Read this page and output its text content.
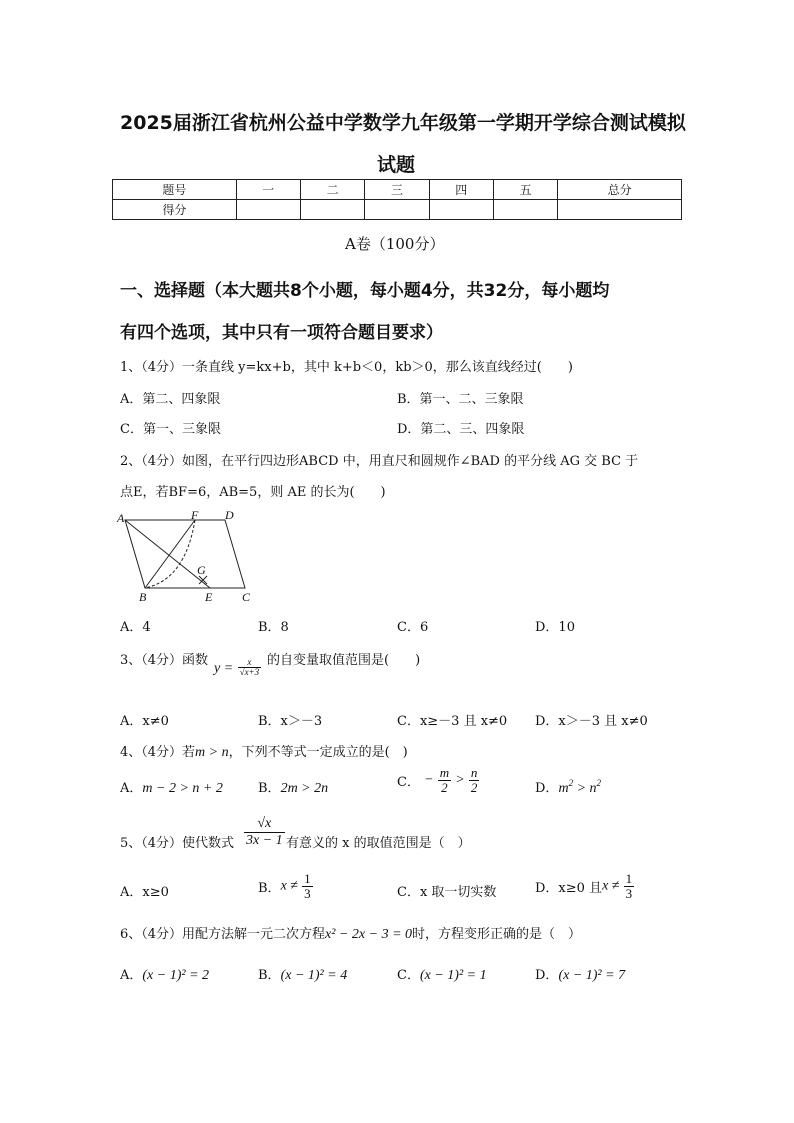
2025届浙江省杭州公益中学数学九年级第一学期开学综合测试模拟
试题
题号	一	二	三	四	五	总分
得分						
A卷（100分）
一、选择题（本大题共8个小题，每小题4分，共32分，每小题均
有四个选项，其中只有一项符合题目要求）
1、（4分）一条直线 y=kx+b，其中 k+b＜0，kb＞0，那么该直线经过(　　)
A．第二、四象限	B．第一、二、三象限
C．第一、三象限	D．第二、三、四象限
2、（4分）如图，在平行四边形ABCD 中，用直尺和圆规作∠BAD 的平分线 AG 交 BC 于
点E，若BF=6，AB=5，则 AE 的长为(　　)
A	F D
G
B	E C
A．4	B．8	C．6	D．10
3、（4分）函数
$y = \frac{x}{√x+3}$ 的自变量取值范围是(　　)
A．x≠0	B．x＞－3	C．x≥－3 且 x≠0 D．x＞－3 且 x≠0
4、（4分）若m > n，下列不等式一定成立的是(　)
A．m − 2 > n + 2	B．2m > 2n	C． − $\frac{m}{2} > \frac{n}{2}$	D．$m^2 > n^2$
5、（4分）使代数式 $\frac{√x}{3x - 1}$ 有意义的 x 的取值范围是（　）
A．x≥0	B．$x \ne \frac{1}{3}$	C．x 取一切实数	D．x≥0 且$x \ne \frac{1}{3}$
6、（4分）用配方法解一元二次方程x² − 2x − 3 = 0时，方程变形正确的是（　）
A．(x − 1)² = 2	B．(x − 1)² = 4	C．(x − 1)² = 1	D．(x − 1)² = 7
